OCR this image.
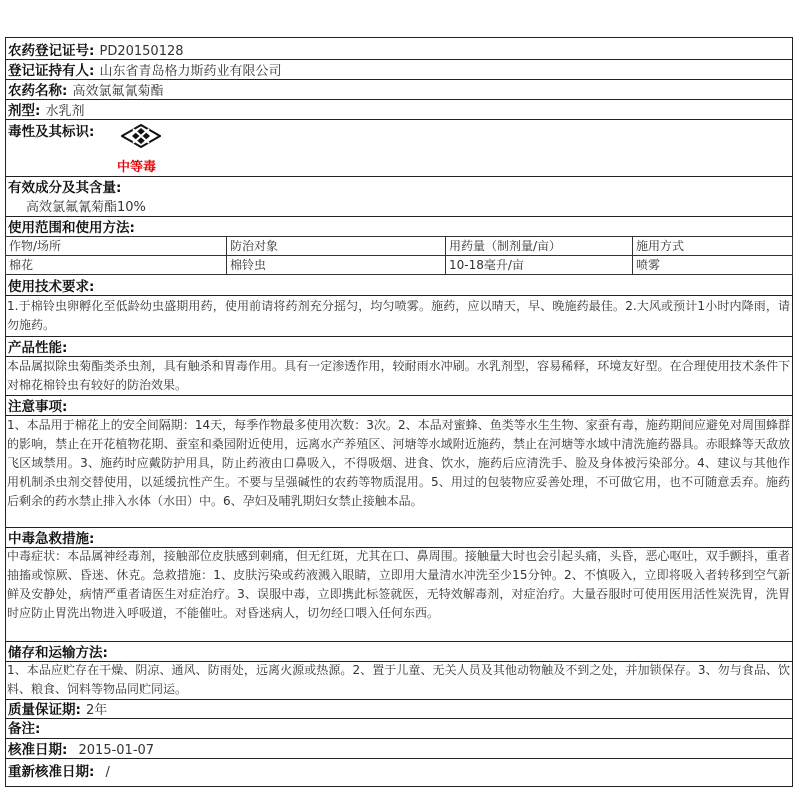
农药登记证号: PD20150128
登记证持有人: 山东省青岛格力斯药业有限公司
农药名称: 高效氯氟氰菊酯
剂型: 水乳剂
毒性及其标识:
中等毒
有效成分及其含量:
高效氯氟氰菊酯10%
使用范围和使用方法:
作物/场所	防治对象	用药量（制剂量/亩）	施用方式
棉花	棉铃虫	10-18毫升/亩	喷雾
使用技术要求:
1.于棉铃虫卵孵化至低龄幼虫盛期用药，使用前请将药剂充分摇匀，均匀喷雾。施药，应以晴天，早、晚施药最佳。2.大风或预计1小时内降雨，请勿施药。
产品性能:
本品属拟除虫菊酯类杀虫剂，具有触杀和胃毒作用。具有一定渗透作用，较耐雨水冲刷。水乳剂型，容易稀释，环境友好型。在合理使用技术条件下对棉花棉铃虫有较好的防治效果。
注意事项:
1、本品用于棉花上的安全间隔期：14天，每季作物最多使用次数：3次。2、本品对蜜蜂、鱼类等水生生物、家蚕有毒，施药期间应避免对周围蜂群的影响，禁止在开花植物花期、蚕室和桑园附近使用，远离水产养殖区、河塘等水域附近施药，禁止在河塘等水域中清洗施药器具。赤眼蜂等天敌放飞区域禁用。3、施药时应戴防护用具，防止药液由口鼻吸入，不得吸烟、进食、饮水，施药后应清洗手、脸及身体被污染部分。4、建议与其他作用机制杀虫剂交替使用，以延缓抗性产生。不要与呈强碱性的农药等物质混用。5、用过的包装物应妥善处理，不可做它用，也不可随意丢弃。施药后剩余的药水禁止排入水体（水田）中。6、孕妇及哺乳期妇女禁止接触本品。
中毒急救措施:
中毒症状：本品属神经毒剂，接触部位皮肤感到刺痛，但无红斑，尤其在口、鼻周围。接触量大时也会引起头痛，头昏，恶心呕吐，双手颤抖，重者抽搐或惊厥、昏迷、休克。急救措施：1、皮肤污染或药液溅入眼睛，立即用大量清水冲洗至少15分钟。2、不慎吸入，立即将吸入者转移到空气新鲜及安静处，病情严重者请医生对症治疗。3、误服中毒，立即携此标签就医，无特效解毒剂，对症治疗。大量吞服时可使用医用活性炭洗胃，洗胃时应防止胃洗出物进入呼吸道，不能催吐。对昏迷病人，切勿经口喂入任何东西。
储存和运输方法:
1、本品应贮存在干燥、阴凉、通风、防雨处，远离火源或热源。2、置于儿童、无关人员及其他动物触及不到之处，并加锁保存。3、勿与食品、饮料、粮食、饲料等物品同贮同运。
质量保证期: 2年
备注:
核准日期: 2015-01-07
重新核准日期: /
